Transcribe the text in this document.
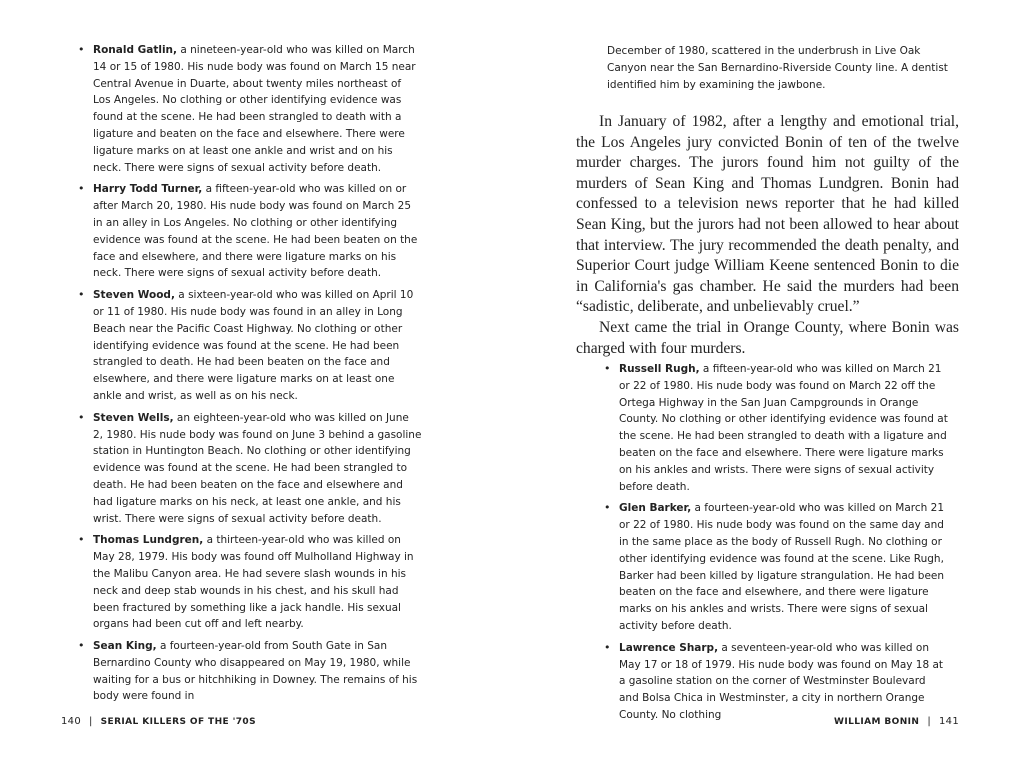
• Ronald Gatlin, a nineteen-year-old who was killed on March 14 or 15 of 1980. His nude body was found on March 15 near Central Avenue in Duarte, about twenty miles northeast of Los Angeles. No clothing or other identifying evidence was found at the scene. He had been strangled to death with a ligature and beaten on the face and elsewhere. There were ligature marks on at least one ankle and wrist and on his neck. There were signs of sexual activity before death.
• Harry Todd Turner, a fifteen-year-old who was killed on or after March 20, 1980. His nude body was found on March 25 in an alley in Los Angeles. No clothing or other identifying evidence was found at the scene. He had been beaten on the face and elsewhere, and there were ligature marks on his neck. There were signs of sexual activity before death.
• Steven Wood, a sixteen-year-old who was killed on April 10 or 11 of 1980. His nude body was found in an alley in Long Beach near the Pacific Coast Highway. No clothing or other identifying evidence was found at the scene. He had been strangled to death. He had been beaten on the face and elsewhere, and there were ligature marks on at least one ankle and wrist, as well as on his neck.
• Steven Wells, an eighteen-year-old who was killed on June 2, 1980. His nude body was found on June 3 behind a gasoline station in Huntington Beach. No clothing or other identifying evidence was found at the scene. He had been strangled to death. He had been beaten on the face and elsewhere and had ligature marks on his neck, at least one ankle, and his wrist. There were signs of sexual activity before death.
• Thomas Lundgren, a thirteen-year-old who was killed on May 28, 1979. His body was found off Mulholland Highway in the Malibu Canyon area. He had severe slash wounds in his neck and deep stab wounds in his chest, and his skull had been fractured by something like a jack handle. His sexual organs had been cut off and left nearby.
• Sean King, a fourteen-year-old from South Gate in San Bernardino County who disappeared on May 19, 1980, while waiting for a bus or hitchhiking in Downey. The remains of his body were found in
140 | SERIAL KILLERS OF THE '70S

December of 1980, scattered in the underbrush in Live Oak Canyon near the San Bernardino-Riverside County line. A dentist identified him by examining the jawbone.

In January of 1982, after a lengthy and emotional trial, the Los Angeles jury convicted Bonin of ten of the twelve murder charges. The jurors found him not guilty of the murders of Sean King and Thomas Lundgren. Bonin had confessed to a television news reporter that he had killed Sean King, but the jurors had not been allowed to hear about that interview. The jury recommended the death penalty, and Superior Court judge William Keene sentenced Bonin to die in California's gas chamber. He said the murders had been “sadistic, deliberate, and unbelievably cruel.”

Next came the trial in Orange County, where Bonin was charged with four murders.

• Russell Rugh, a fifteen-year-old who was killed on March 21 or 22 of 1980. His nude body was found on March 22 off the Ortega Highway in the San Juan Campgrounds in Orange County. No clothing or other identifying evidence was found at the scene. He had been strangled to death with a ligature and beaten on the face and elsewhere. There were ligature marks on his ankles and wrists. There were signs of sexual activity before death.
• Glen Barker, a fourteen-year-old who was killed on March 21 or 22 of 1980. His nude body was found on the same day and in the same place as the body of Russell Rugh. No clothing or other identifying evidence was found at the scene. Like Rugh, Barker had been killed by ligature strangulation. He had been beaten on the face and elsewhere, and there were ligature marks on his ankles and wrists. There were signs of sexual activity before death.
• Lawrence Sharp, a seventeen-year-old who was killed on May 17 or 18 of 1979. His nude body was found on May 18 at a gasoline station on the corner of Westminster Boulevard and Bolsa Chica in Westminster, a city in northern Orange County. No clothing
WILLIAM BONIN | 141
